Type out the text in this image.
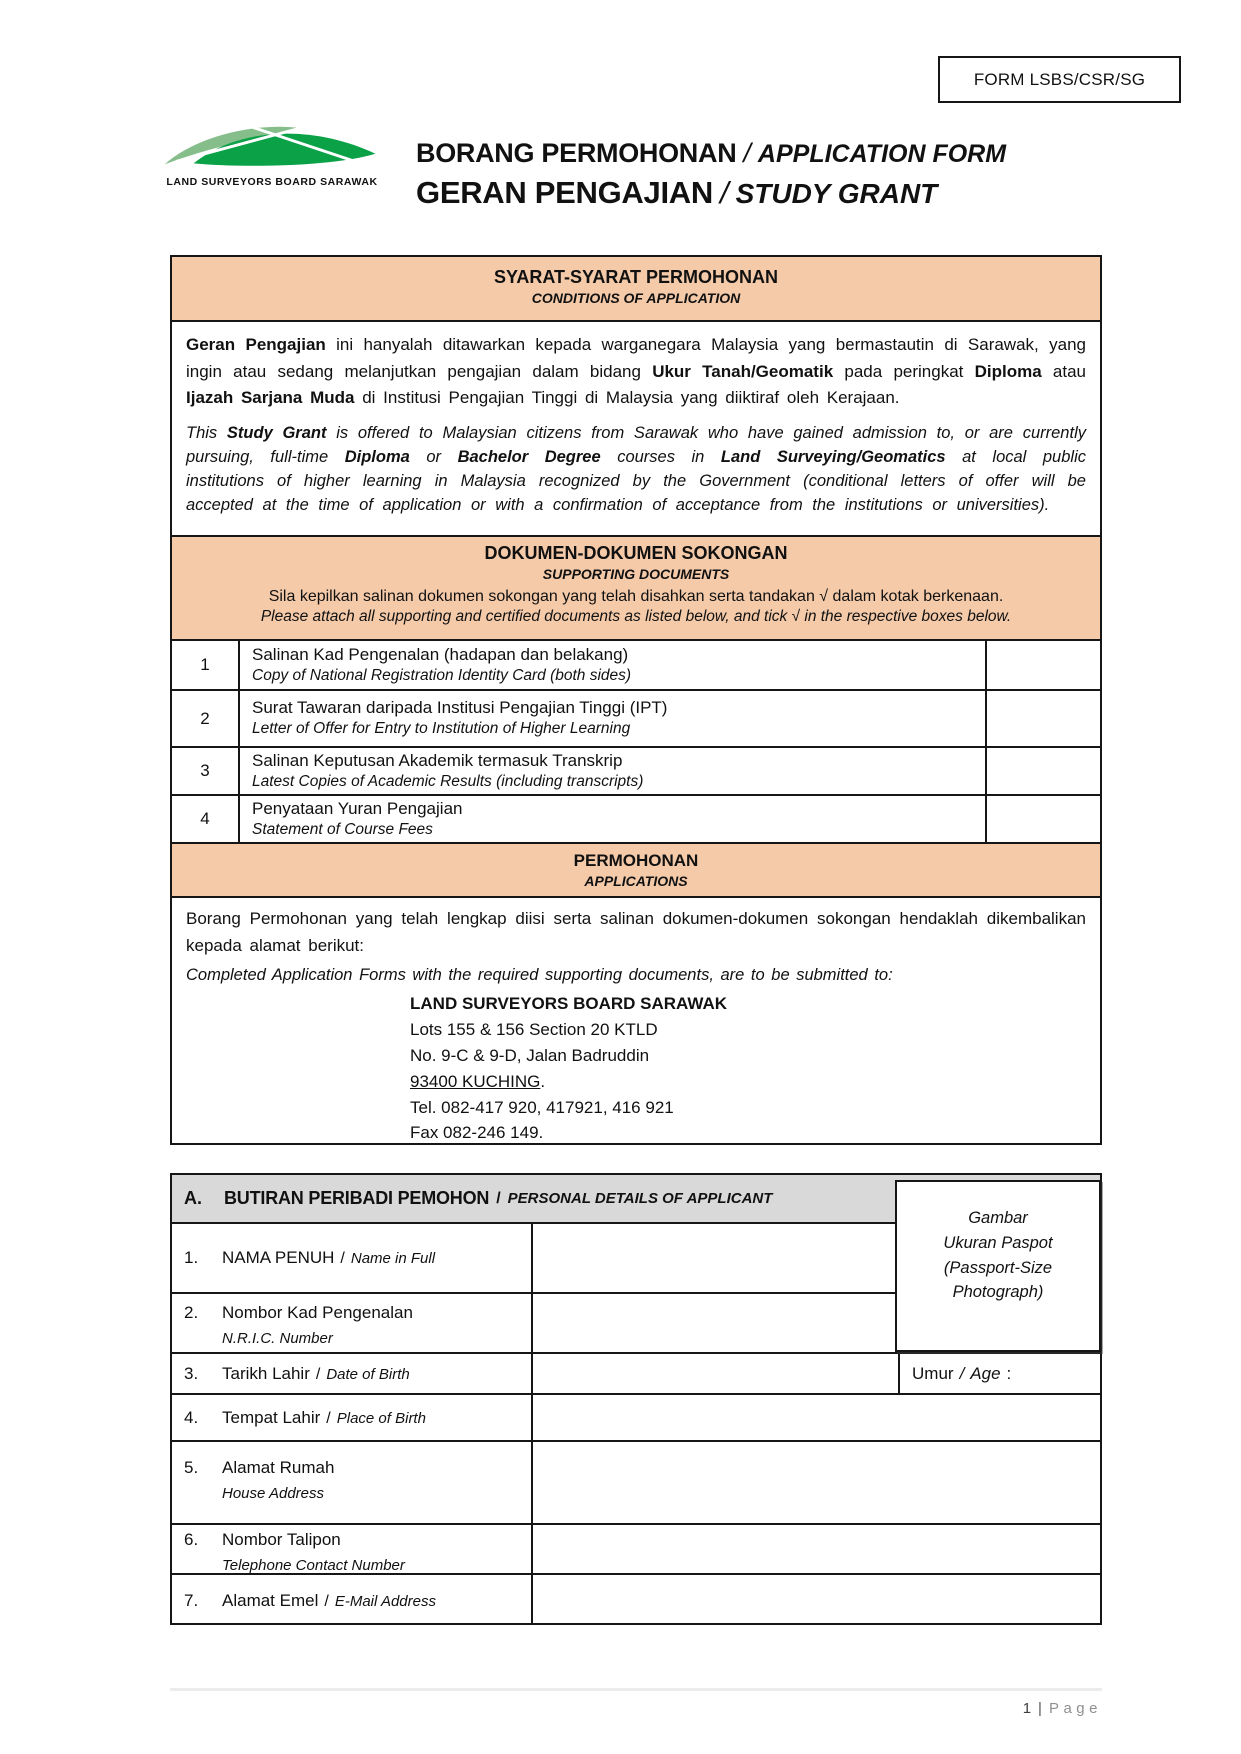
FORM LSBS/CSR/SG
LAND SURVEYORS BOARD SARAWAK
BORANG PERMOHONAN / APPLICATION FORM
GERAN PENGAJIAN / STUDY GRANT
SYARAT-SYARAT PERMOHONAN
CONDITIONS OF APPLICATION

Geran Pengajian ini hanyalah ditawarkan kepada warganegara Malaysia yang bermastautin di Sarawak, yang ingin atau sedang melanjutkan pengajian dalam bidang Ukur Tanah/Geomatik pada peringkat Diploma atau Ijazah Sarjana Muda di Institusi Pengajian Tinggi di Malaysia yang diiktiraf oleh Kerajaan.

This Study Grant is offered to Malaysian citizens from Sarawak who have gained admission to, or are currently pursuing, full-time Diploma or Bachelor Degree courses in Land Surveying/Geomatics at local public institutions of higher learning in Malaysia recognized by the Government (conditional letters of offer will be accepted at the time of application or with a confirmation of acceptance from the institutions or universities).

DOKUMEN-DOKUMEN SOKONGAN
SUPPORTING DOCUMENTS
Sila kepilkan salinan dokumen sokongan yang telah disahkan serta tandakan √ dalam kotak berkenaan.
Please attach all supporting and certified documents as listed below, and tick √ in the respective boxes below.
1
Salinan Kad Pengenalan (hadapan dan belakang)
Copy of National Registration Identity Card (both sides)
2
Surat Tawaran daripada Institusi Pengajian Tinggi (IPT)
Letter of Offer for Entry to Institution of Higher Learning
3
Salinan Keputusan Akademik termasuk Transkrip
Latest Copies of Academic Results (including transcripts)
4
Penyataan Yuran Pengajian
Statement of Course Fees
PERMOHONAN
APPLICATIONS

Borang Permohonan yang telah lengkap diisi serta salinan dokumen-dokumen sokongan hendaklah dikembalikan kepada alamat berikut:

Completed Application Forms with the required supporting documents, are to be submitted to:

LAND SURVEYORS BOARD SARAWAK
Lots 155 & 156 Section 20 KTLD
No. 9-C & 9-D, Jalan Badruddin
93400 KUCHING.
Tel. 082-417 920, 417921, 416 921
Fax 082-246 149.
A.	BUTIRAN PERIBADI PEMOHON / PERSONAL DETAILS OF APPLICANT
1.	NAMA PENUH / Name in Full
2.	Nombor Kad Pengenalan
N.R.I.C. Number
3.	Tarikh Lahir / Date of Birth	Umur / Age :
4.	Tempat Lahir / Place of Birth
5.	Alamat Rumah
House Address
6.	Nombor Talipon
Telephone Contact Number
7.	Alamat Emel / E-Mail Address
Gambar
Ukuran Paspot
(Passport-Size
Photograph)
1 | Page
